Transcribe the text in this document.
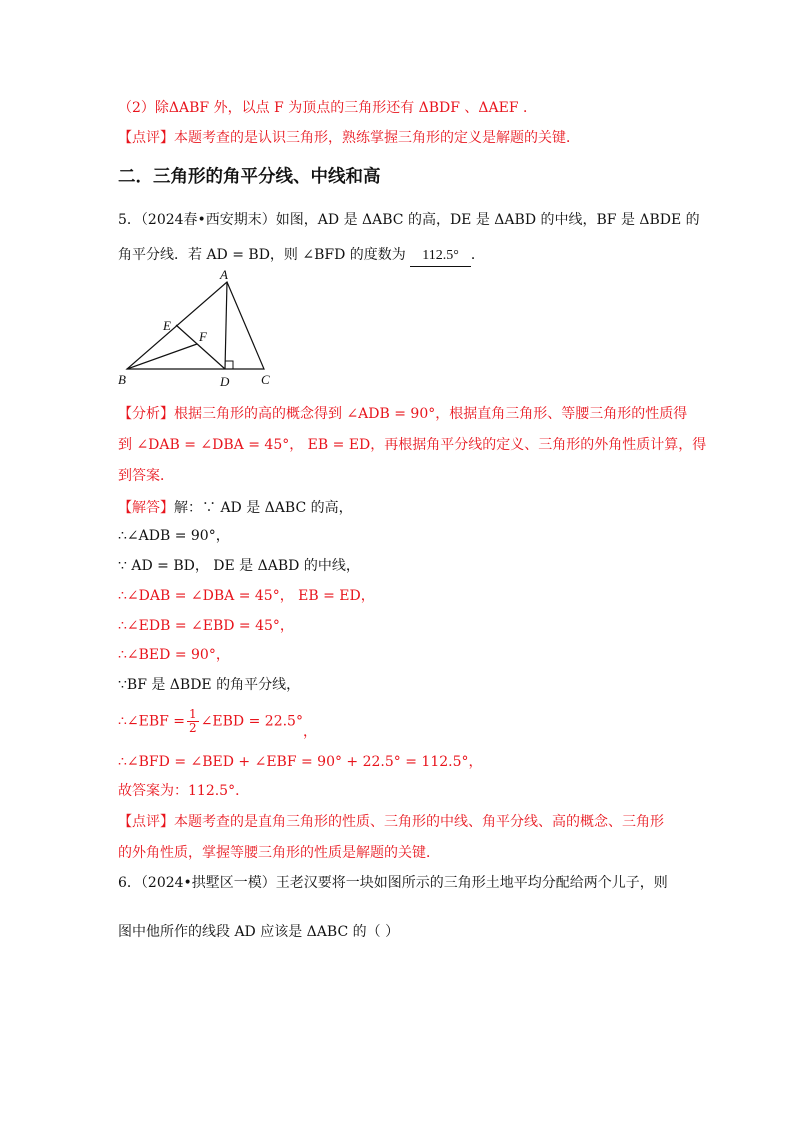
（2）除ΔABF 外，以点 F 为顶点的三角形还有 ΔBDF 、ΔAEF ．
【点评】本题考查的是认识三角形，熟练掌握三角形的定义是解题的关键．
二．三角形的角平分线、中线和高
5．（2024春•西安期末）如图，AD 是 ΔABC 的高，DE 是 ΔABD 的中线，BF 是 ΔBDE 的
角平分线．若 AD = BD，则 ∠BFD 的度数为 112.5° ．
A
E
F
B	D C
【分析】根据三角形的高的概念得到 ∠ADB = 90°，根据直角三角形、等腰三角形的性质得
到 ∠DAB = ∠DBA = 45°， EB = ED，再根据角平分线的定义、三角形的外角性质计算，得
到答案．
【解答】解：∵ AD 是 ΔABC 的高，
∴∠ADB = 90°，
∵ AD = BD， DE 是 ΔABD 的中线，
∴∠DAB = ∠DBA = 45°， EB = ED，
∴∠EDB = ∠EBD = 45°，
∴∠BED = 90°，
∵BF 是 ΔBDE 的角平分线，
∴∠EBF = $\frac{1}{2}$ ∠EBD = 22.5°，
∴∠BFD = ∠BED + ∠EBF = 90° + 22.5° = 112.5°，
故答案为：112.5°．
【点评】本题考查的是直角三角形的性质、三角形的中线、角平分线、高的概念、三角形
的外角性质，掌握等腰三角形的性质是解题的关键．
6．（2024•拱墅区一模）王老汉要将一块如图所示的三角形土地平均分配给两个儿子，则
图中他所作的线段 AD 应该是 ΔABC 的（ ）
